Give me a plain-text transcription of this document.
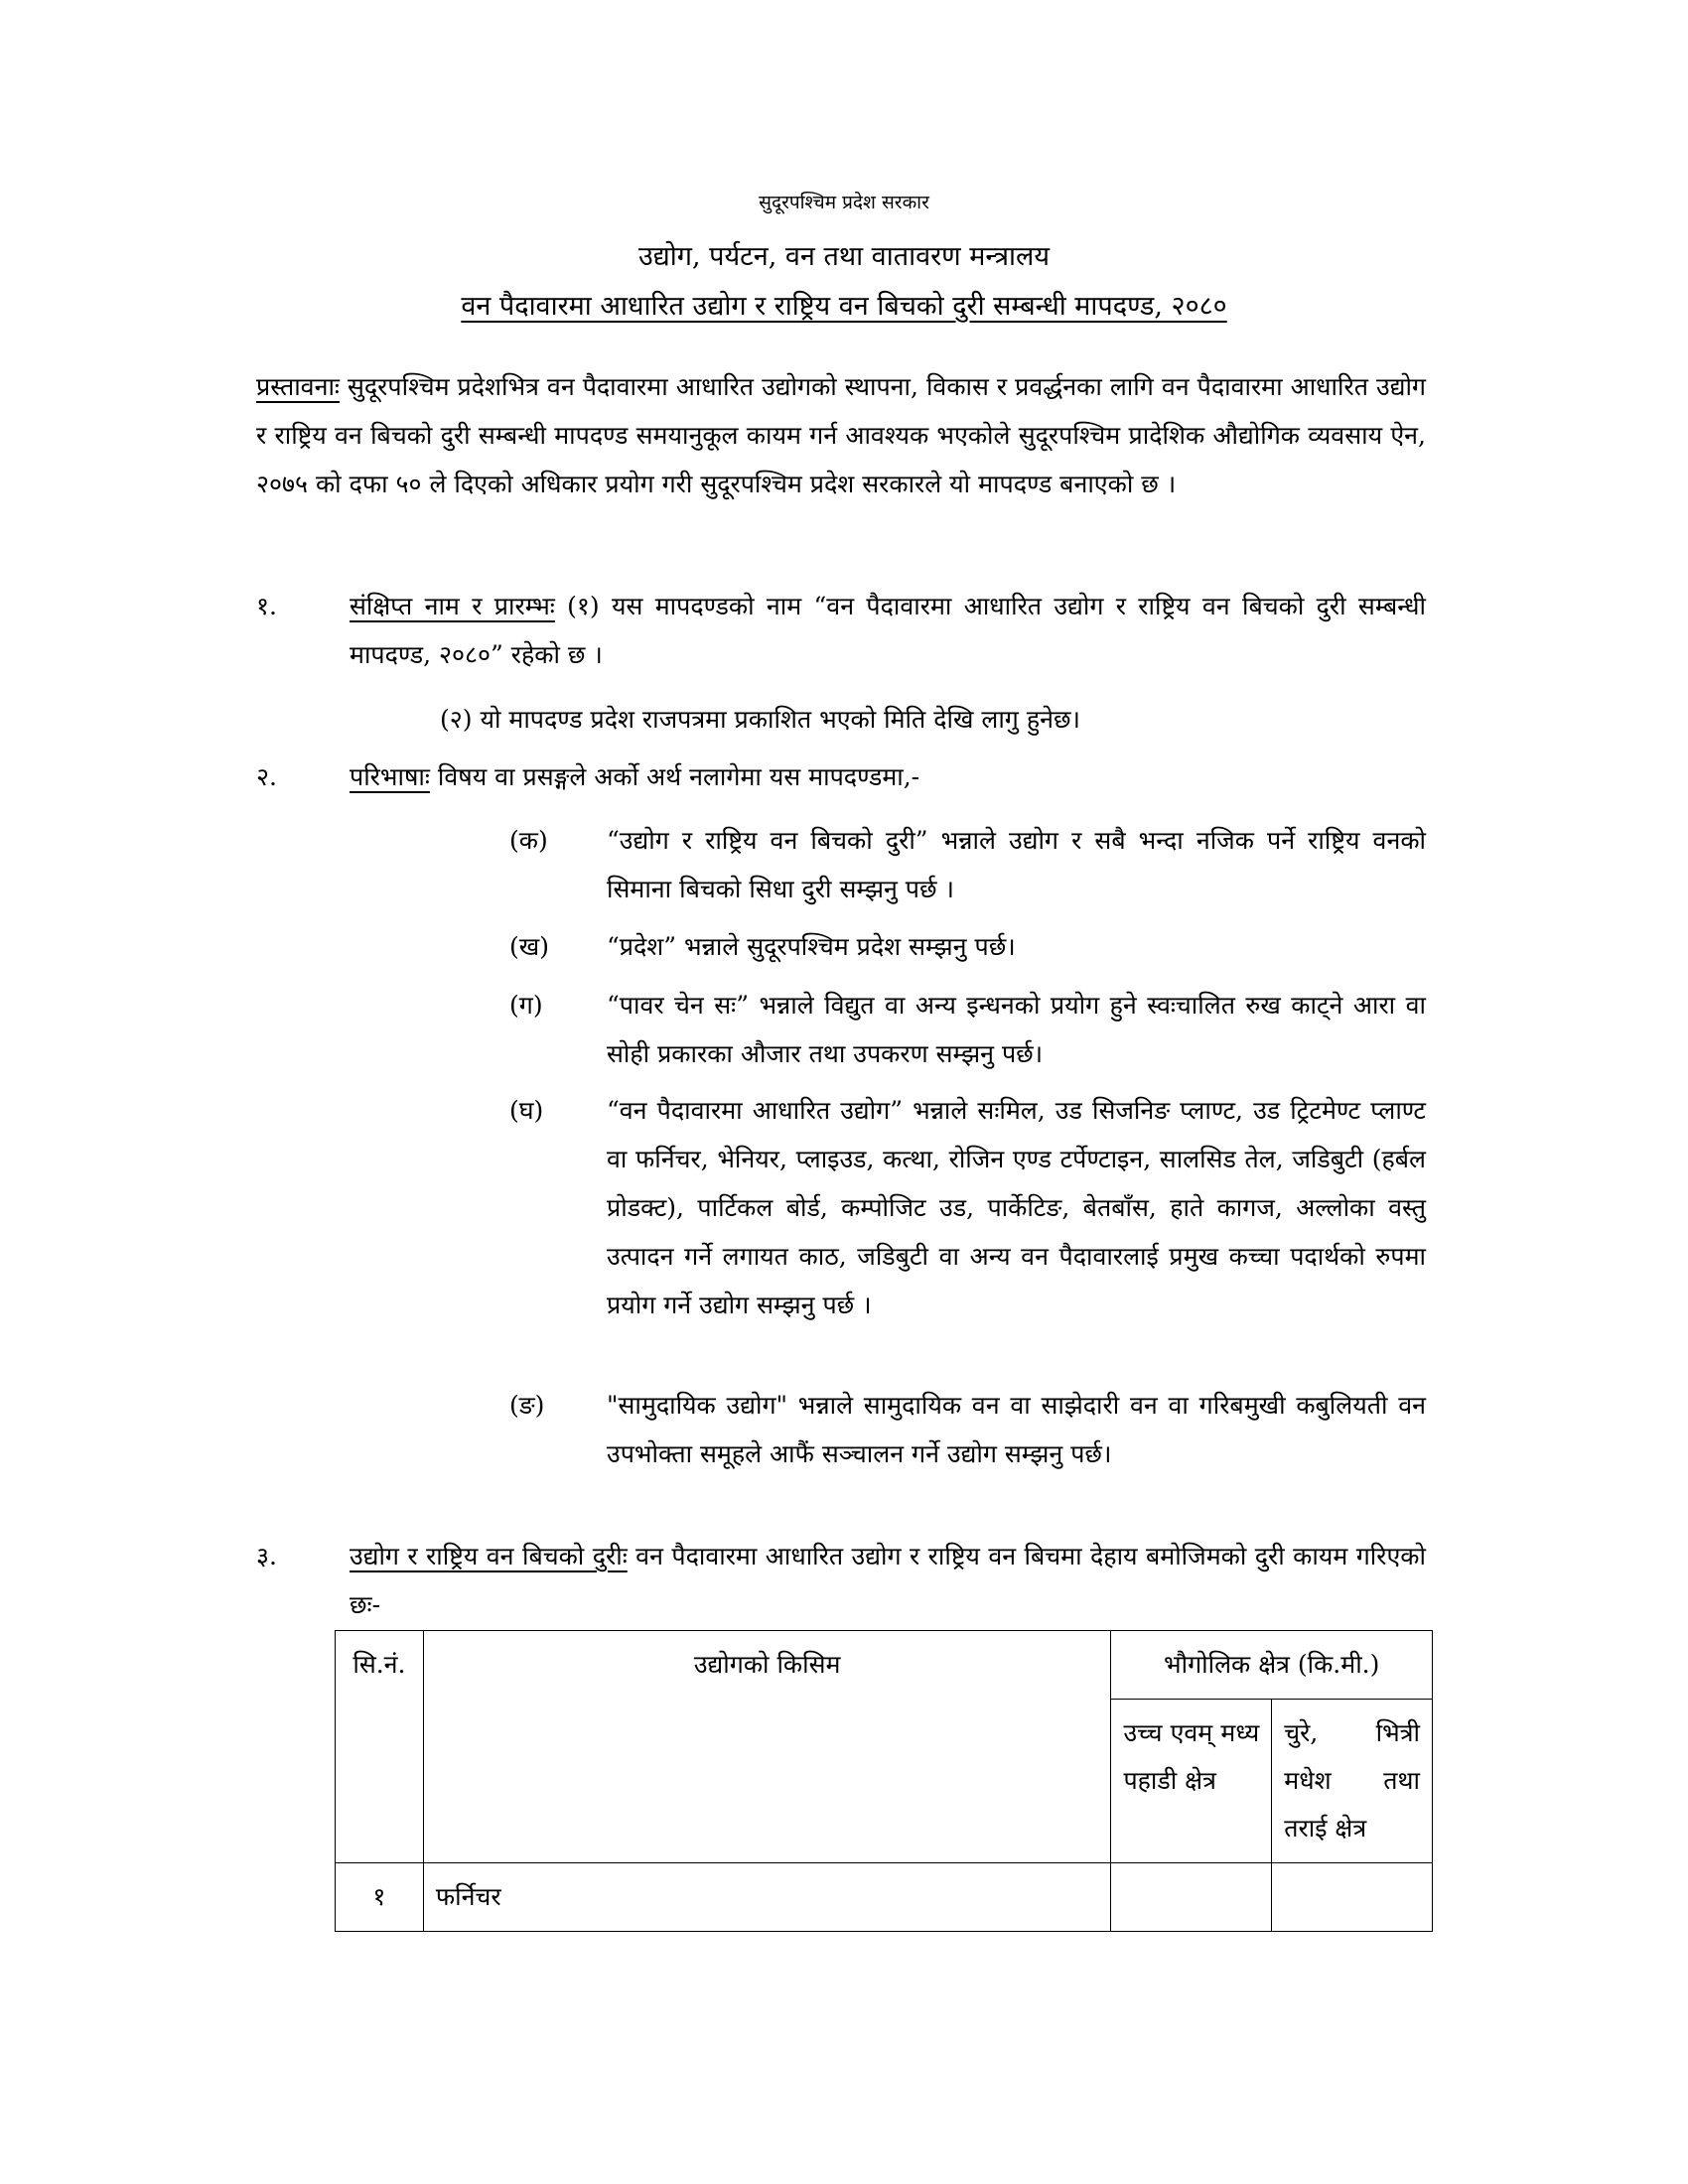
सुदूरपश्चिम प्रदेश सरकार
उद्योग, पर्यटन, वन तथा वातावरण मन्त्रालय
वन पैदावारमा आधारित उद्योग र राष्ट्रिय वन बिचको दुरी सम्बन्धी मापदण्ड, २०८०
प्रस्तावनाः सुदूरपश्चिम प्रदेशभित्र वन पैदावारमा आधारित उद्योगको स्थापना, विकास र प्रवर्द्धनका लागि वन पैदावारमा आधारित उद्योग र राष्ट्रिय वन बिचको दुरी सम्बन्धी मापदण्ड समयानुकूल कायम गर्न आवश्यक भएकोले सुदूरपश्चिम प्रादेशिक औद्योगिक व्यवसाय ऐन, २०७५ को दफा ५० ले दिएको अधिकार प्रयोग गरी सुदूरपश्चिम प्रदेश सरकारले यो मापदण्ड बनाएको छ ।
१.	संक्षिप्त नाम र प्रारम्भः (१) यस मापदण्डको नाम “वन पैदावारमा आधारित उद्योग र राष्ट्रिय वन बिचको दुरी सम्बन्धी मापदण्ड, २०८०” रहेको छ ।
(२) यो मापदण्ड प्रदेश राजपत्रमा प्रकाशित भएको मिति देखि लागु हुनेछ।
२.	परिभाषाः विषय वा प्रसङ्गले अर्को अर्थ नलागेमा यस मापदण्डमा,-
(क) “उद्योग र राष्ट्रिय वन बिचको दुरी” भन्नाले उद्योग र सबै भन्दा नजिक पर्ने राष्ट्रिय वनको सिमाना बिचको सिधा दुरी सम्झनु पर्छ ।
(ख) “प्रदेश” भन्नाले सुदूरपश्चिम प्रदेश सम्झनु पर्छ।
(ग)	“पावर चेन सः” भन्नाले विद्युत वा अन्य इन्धनको प्रयोग हुने स्वःचालित रुख काट्ने आरा वा सोही प्रकारका औजार तथा उपकरण सम्झनु पर्छ।
(घ)	“वन पैदावारमा आधारित उद्योग” भन्नाले सःमिल, उड सिजनिङ प्लाण्ट, उड ट्रिटमेण्ट प्लाण्ट वा फर्निचर, भेनियर, प्लाइउड, कत्था, रोजिन एण्ड टर्पेण्टाइन, सालसिड तेल, जडिबुटी (हर्बल प्रोडक्ट), पार्टिकल बोर्ड, कम्पोजिट उड, पार्केटिङ, बेतबाँस, हाते कागज, अल्लोका वस्तु उत्पादन गर्ने लगायत काठ, जडिबुटी वा अन्य वन पैदावारलाई प्रमुख कच्चा पदार्थको रुपमा प्रयोग गर्ने उद्योग सम्झनु पर्छ ।
(ङ)	"सामुदायिक उद्योग" भन्नाले सामुदायिक वन वा साझेदारी वन वा गरिबमुखी कबुलियती वन उपभोक्ता समूहले आफैं सञ्चालन गर्ने उद्योग सम्झनु पर्छ।
३.	उद्योग र राष्ट्रिय वन बिचको दुरीः वन पैदावारमा आधारित उद्योग र राष्ट्रिय वन बिचमा देहाय बमोजिमको दुरी कायम गरिएको छः-
सि.नं.	उद्योगको किसिम	भौगोलिक क्षेत्र (कि.मी.)	
		उच्च एवम् मध्य पहाडी क्षेत्र	चुरे, भित्री मधेश तथा तराई क्षेत्र
१	फर्निचर		
